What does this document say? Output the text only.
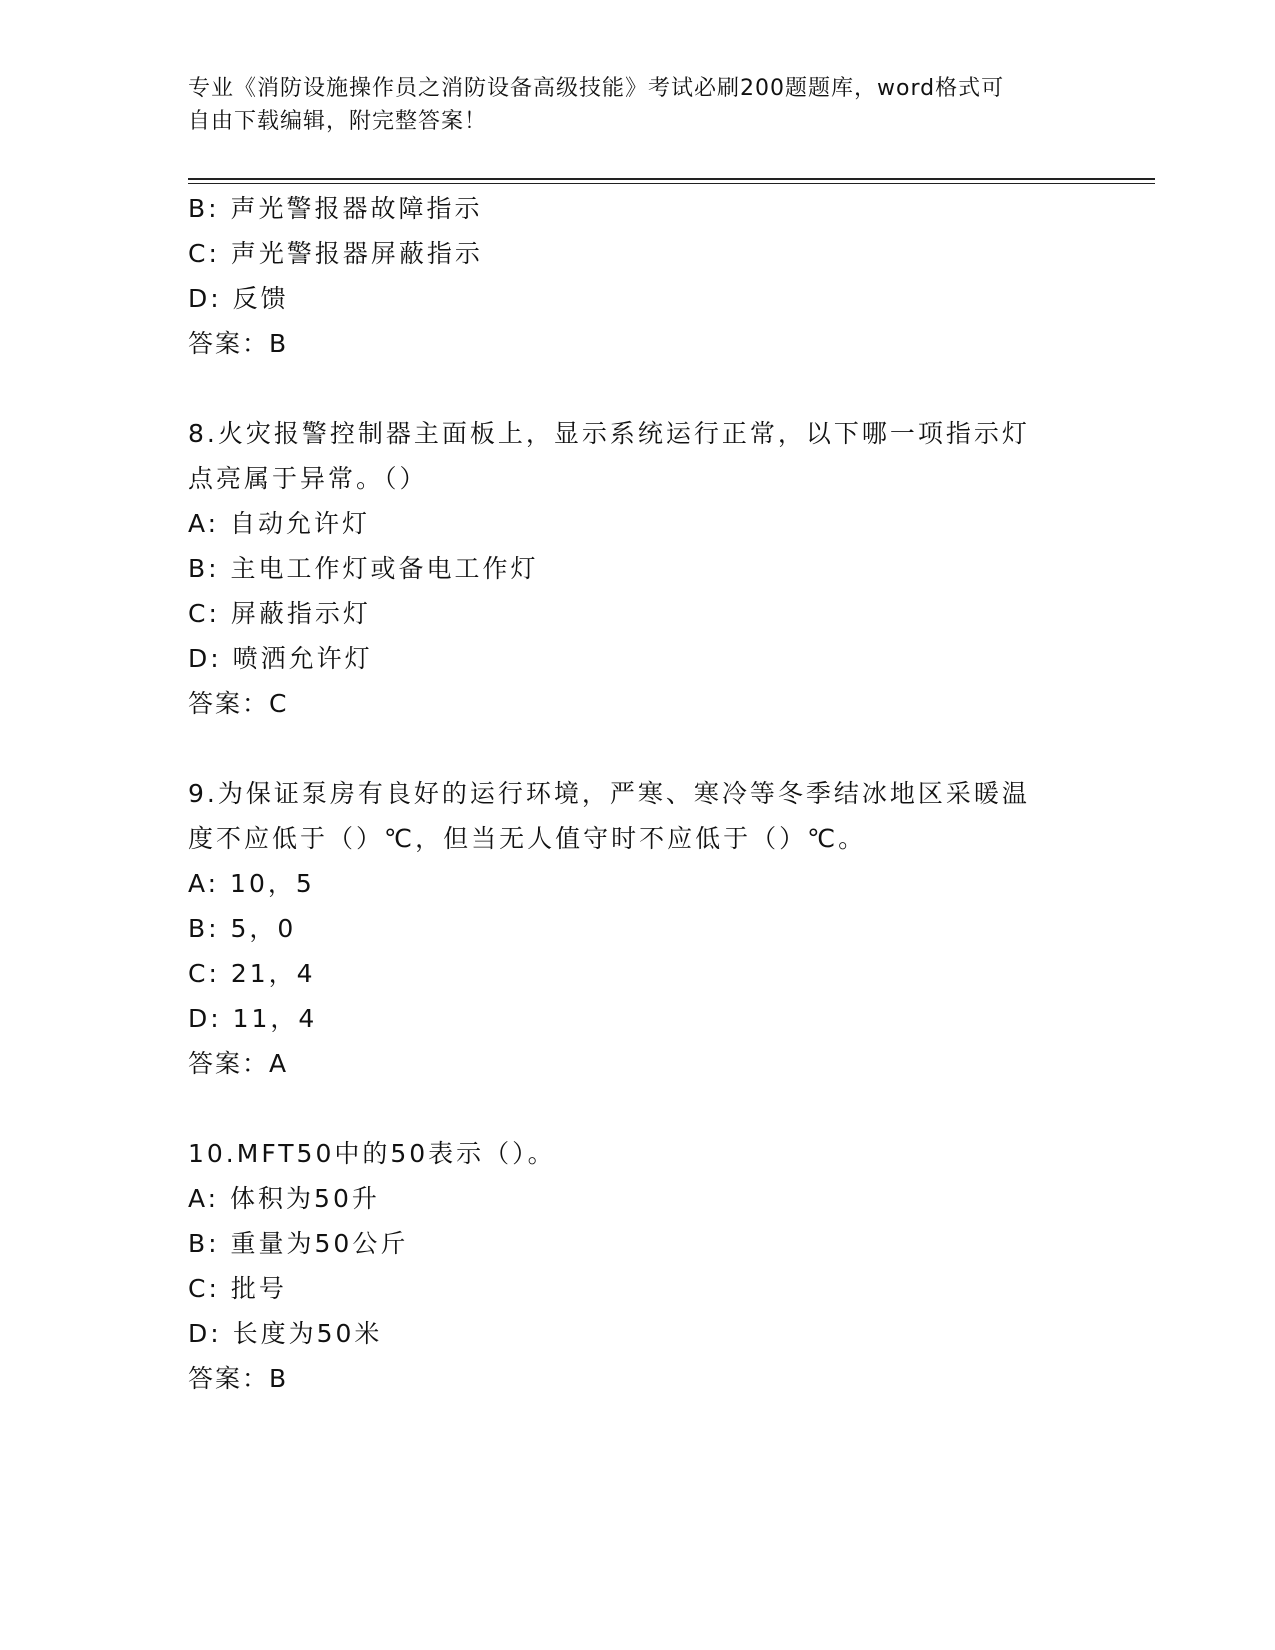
专业《消防设施操作员之消防设备高级技能》考试必刷200题题库，word格式可
自由下载编辑，附完整答案！
B: 声光警报器故障指示
C: 声光警报器屏蔽指示
D: 反馈
答案：B
8.火灾报警控制器主面板上，显示系统运行正常，以下哪一项指示灯
点亮属于异常。（）
A: 自动允许灯
B: 主电工作灯或备电工作灯
C: 屏蔽指示灯
D: 喷洒允许灯
答案：C
9.为保证泵房有良好的运行环境，严寒、寒冷等冬季结冰地区采暖温
度不应低于（）℃，但当无人值守时不应低于（）℃。
A: 10，5
B: 5，0
C: 21，4
D: 11，4
答案：A
10.MFT50中的50表示（）。
A: 体积为50升
B: 重量为50公斤
C: 批号
D: 长度为50米
答案：B
